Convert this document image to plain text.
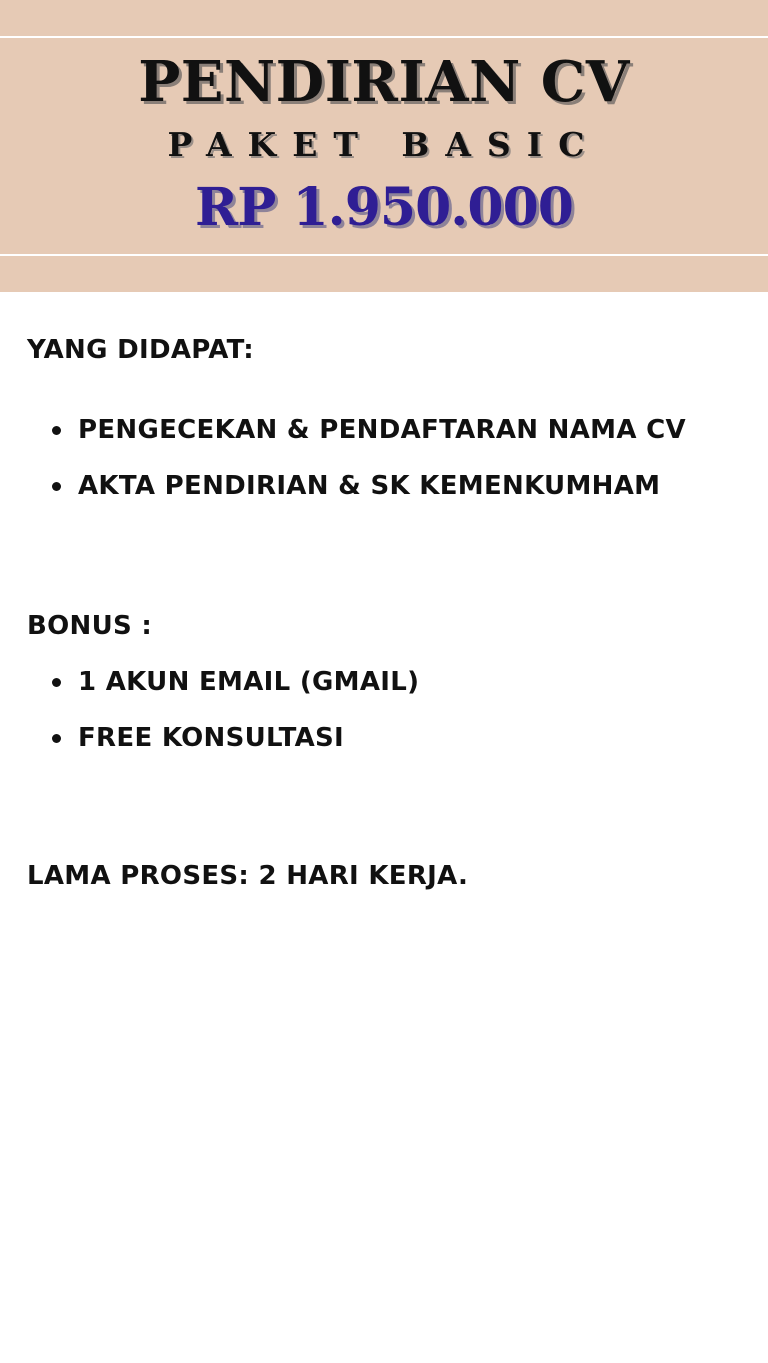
PENDIRIAN CV
PAKET BASIC
RP 1.950.000
YANG DIDAPAT:
PENGECEKAN & PENDAFTARAN NAMA CV
AKTA PENDIRIAN & SK KEMENKUMHAM
BONUS :
1 AKUN EMAIL (GMAIL)
FREE KONSULTASI
LAMA PROSES: 2 HARI KERJA.
